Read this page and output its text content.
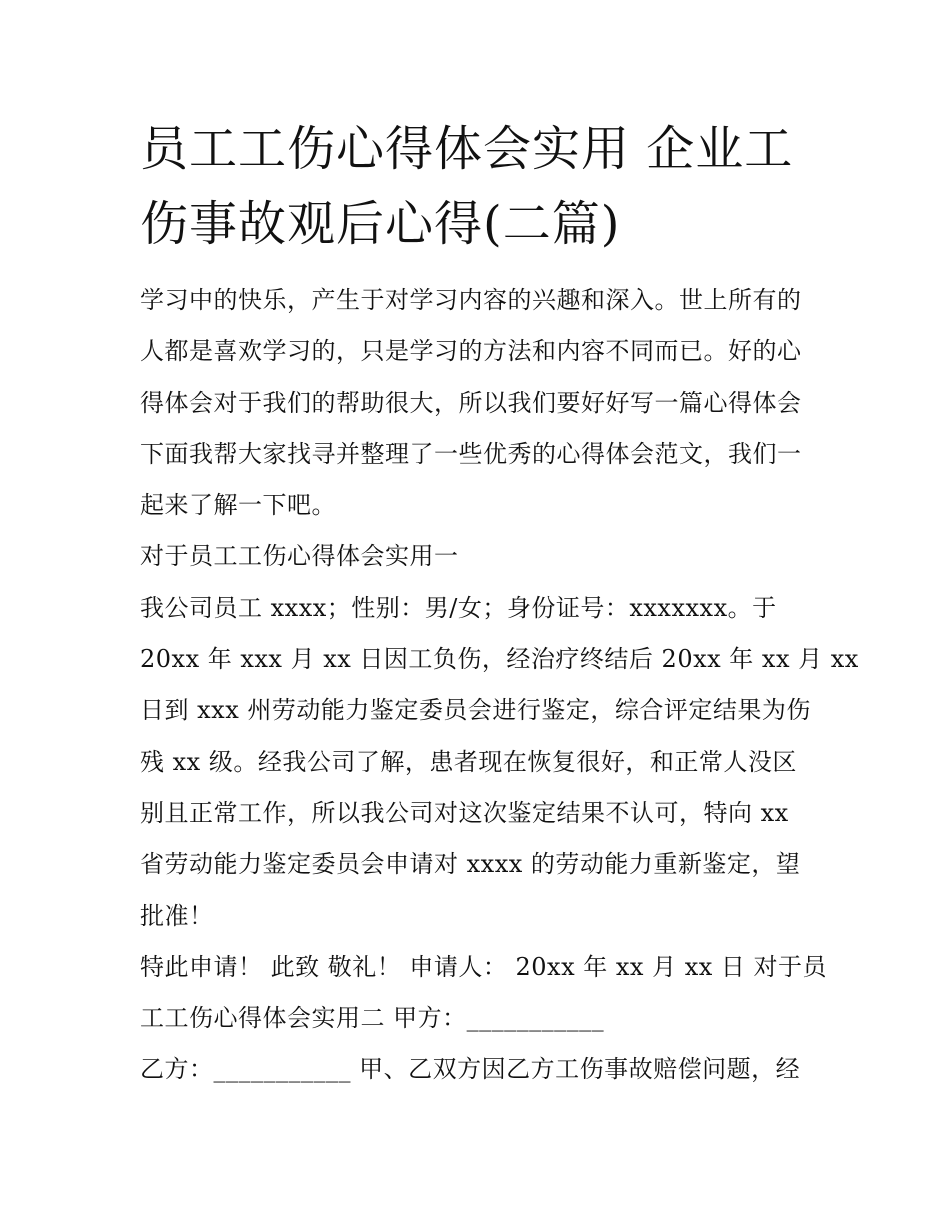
员工工伤心得体会实用 企业工
伤事故观后心得(二篇)
学习中的快乐，产生于对学习内容的兴趣和深入。世上所有的
人都是喜欢学习的，只是学习的方法和内容不同而已。好的心
得体会对于我们的帮助很大，所以我们要好好写一篇心得体会
下面我帮大家找寻并整理了一些优秀的心得体会范文，我们一
起来了解一下吧。
对于员工工伤心得体会实用一
我公司员工 xxxx；性别：男/女；身份证号：xxxxxxx。于
20xx 年 xxx 月 xx 日因工负伤，经治疗终结后 20xx 年 xx 月 xx
日到 xxx 州劳动能力鉴定委员会进行鉴定，综合评定结果为伤
残 xx 级。经我公司了解，患者现在恢复很好，和正常人没区
别且正常工作，所以我公司对这次鉴定结果不认可，特向 xx
省劳动能力鉴定委员会申请对 xxxx 的劳动能力重新鉴定，望
批准！
特此申请！ 此致 敬礼！ 申请人： 20xx 年 xx 月 xx 日 对于员
工工伤心得体会实用二 甲方：___________
乙方：___________ 甲、乙双方因乙方工伤事故赔偿问题，经
